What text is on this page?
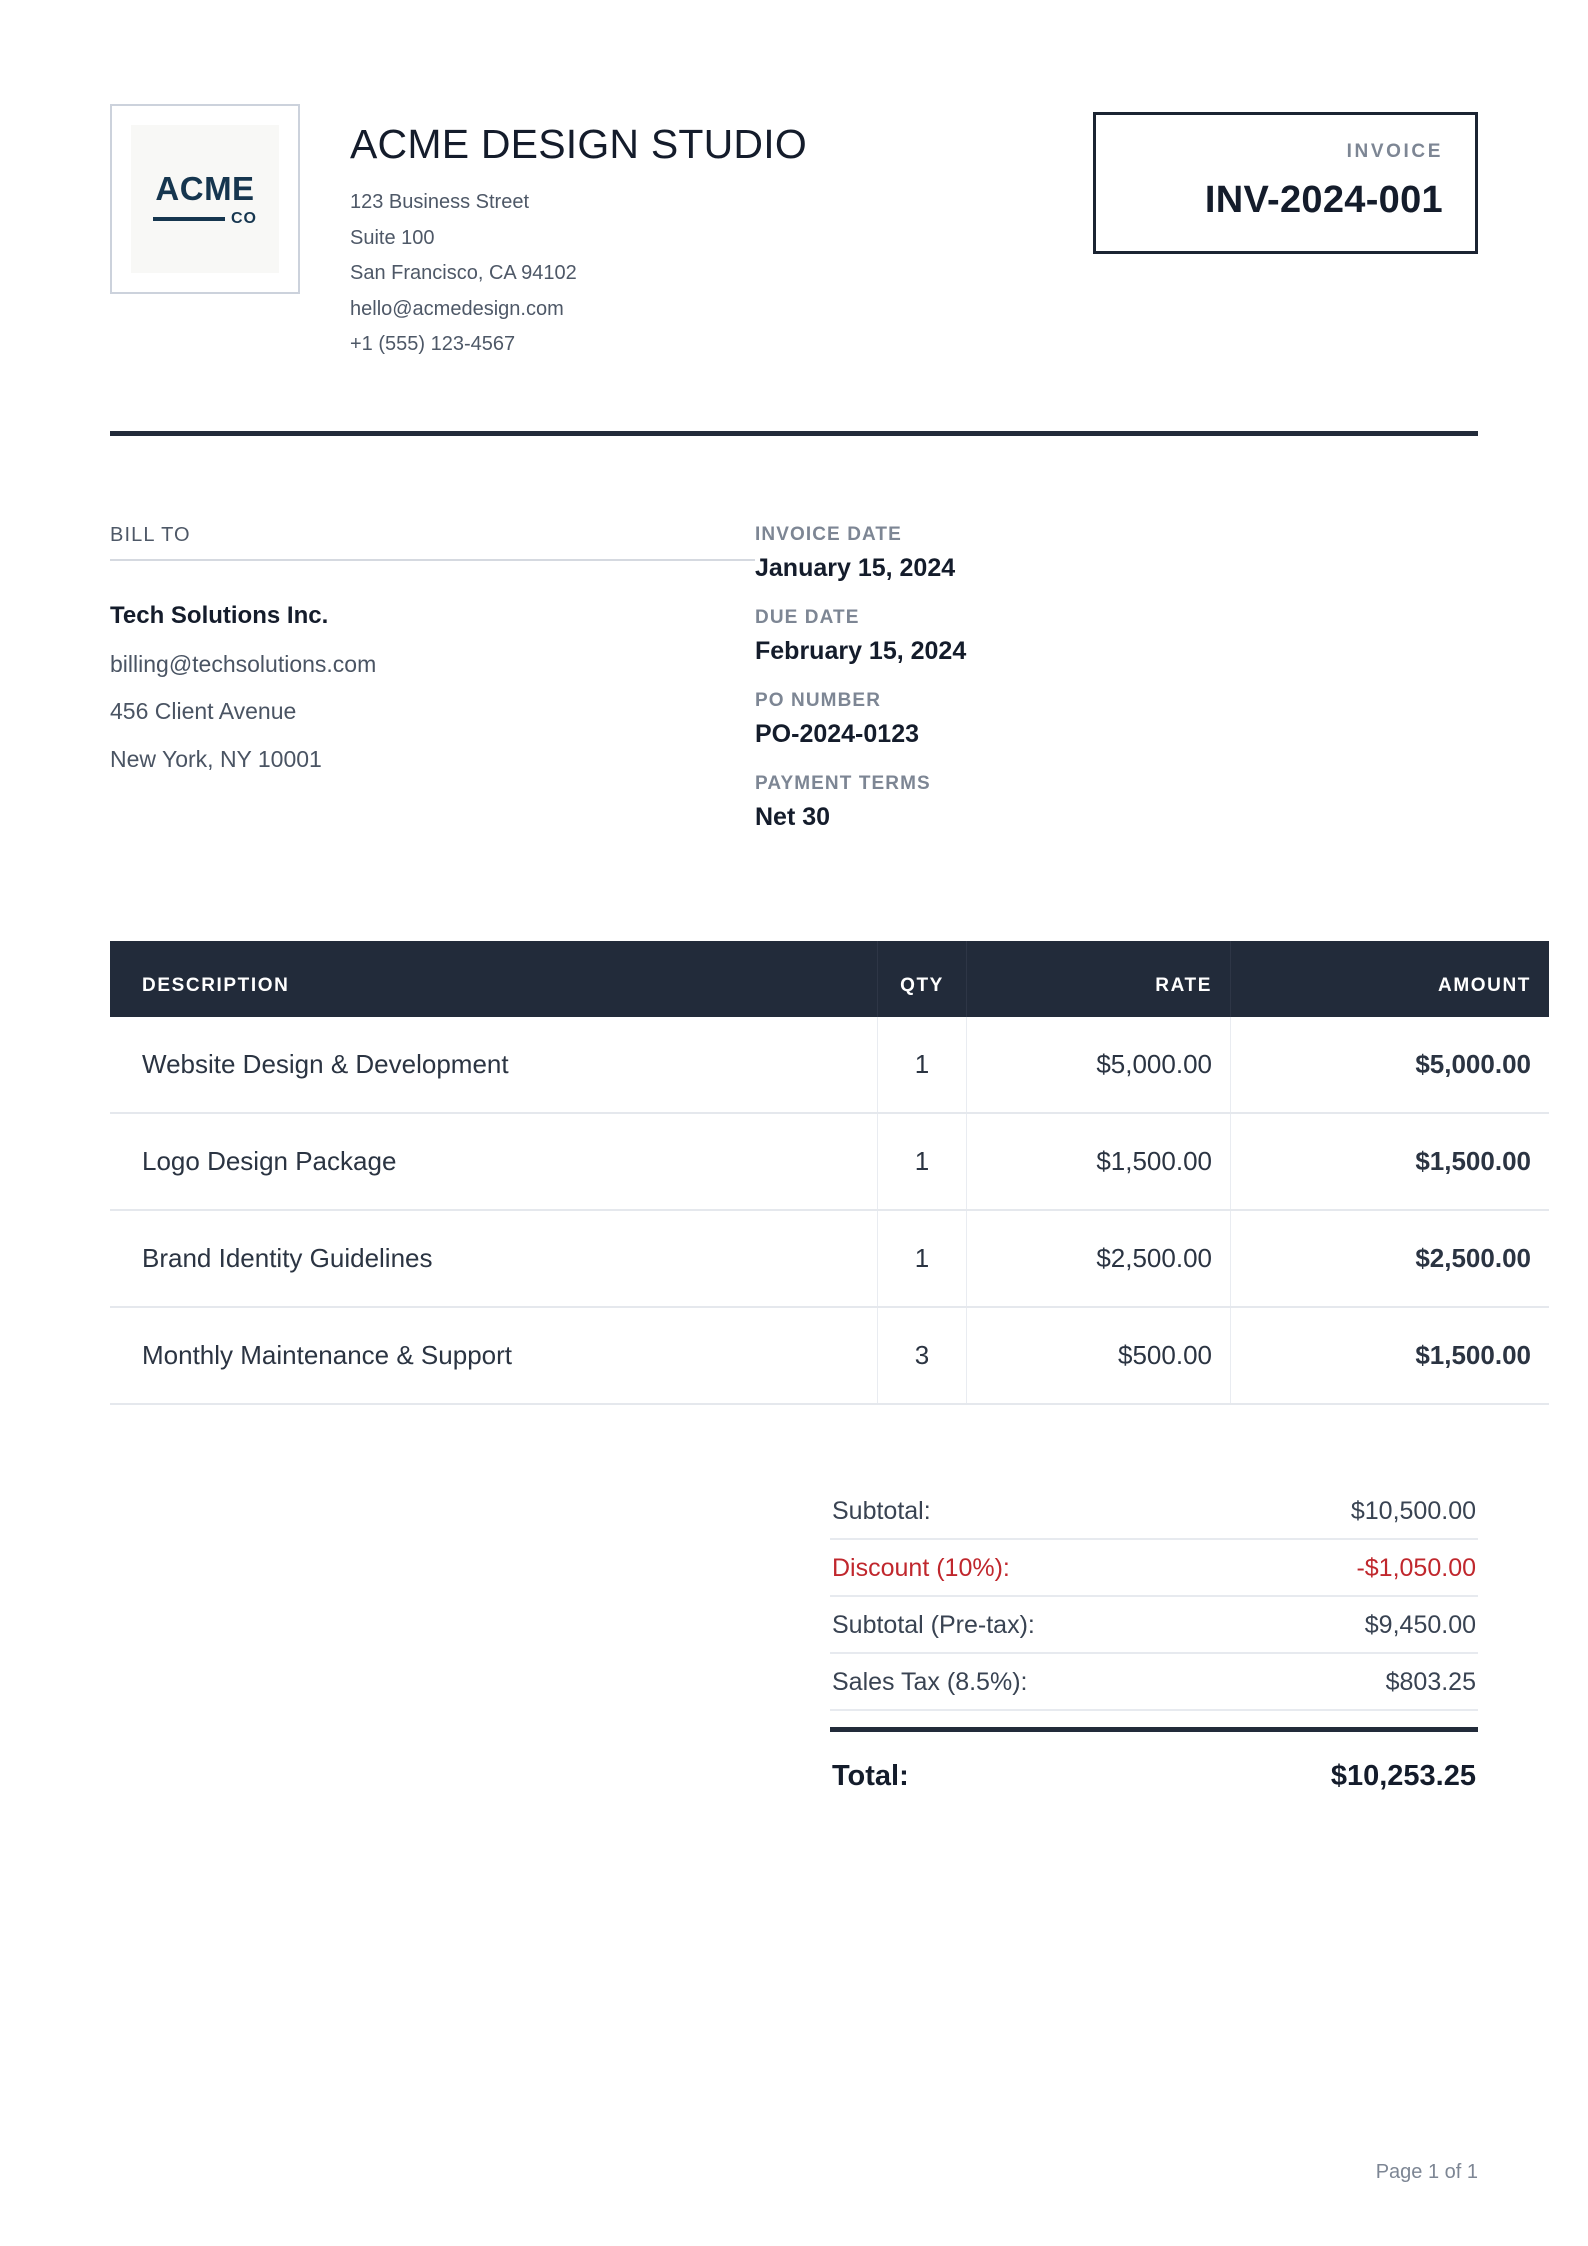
ACME
CO
ACME DESIGN STUDIO
123 Business Street
Suite 100
San Francisco, CA 94102
hello@acmedesign.com
+1 (555) 123-4567
INVOICE
INV-2024-001
BILL TO
Tech Solutions Inc.
billing@techsolutions.com
456 Client Avenue
New York, NY 10001
INVOICE DATE
January 15, 2024
DUE DATE
February 15, 2024
PO NUMBER
PO-2024-0123
PAYMENT TERMS
Net 30
DESCRIPTION	QTY	RATE	AMOUNT
Website Design & Development	1	$5,000.00	$5,000.00
Logo Design Package	1	$1,500.00	$1,500.00
Brand Identity Guidelines	1	$2,500.00	$2,500.00
Monthly Maintenance & Support	3	$500.00	$1,500.00
Subtotal:	$10,500.00
Discount (10%):	-$1,050.00
Subtotal (Pre-tax):	$9,450.00
Sales Tax (8.5%):	$803.25
Total:	$10,253.25
Page 1 of 1
